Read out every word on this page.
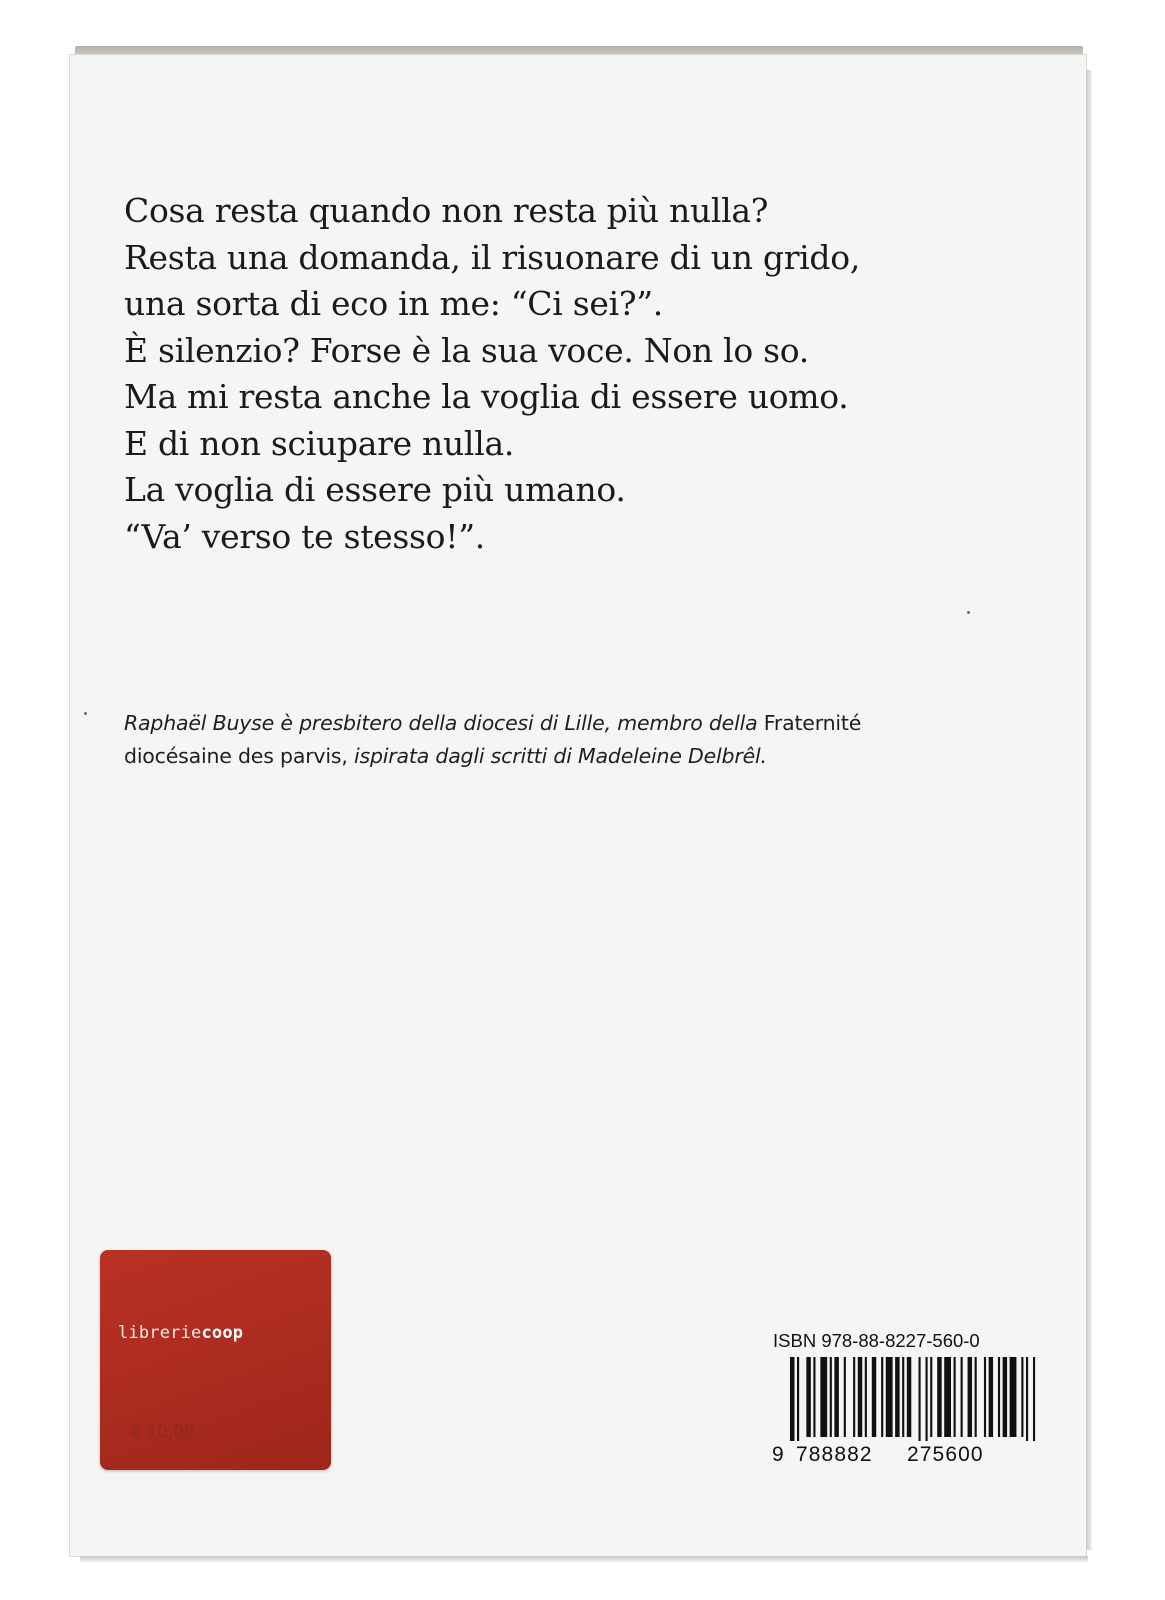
Cosa resta quando non resta più nulla?
Resta una domanda, il risuonare di un grido,
una sorta di eco in me: “Ci sei?”.
È silenzio? Forse è la sua voce. Non lo so.
Ma mi resta anche la voglia di essere uomo.
E di non sciupare nulla.
La voglia di essere più umano.
“Va’ verso te stesso!”.
Raphaël Buyse è presbitero della diocesi di Lille, membro della Fraternité
diocésaine des parvis, ispirata dagli scritti di Madeleine Delbrêl.
libreriecoop
€ 10,00
ISBN 978-88-8227-560-0
9 788882 275600
